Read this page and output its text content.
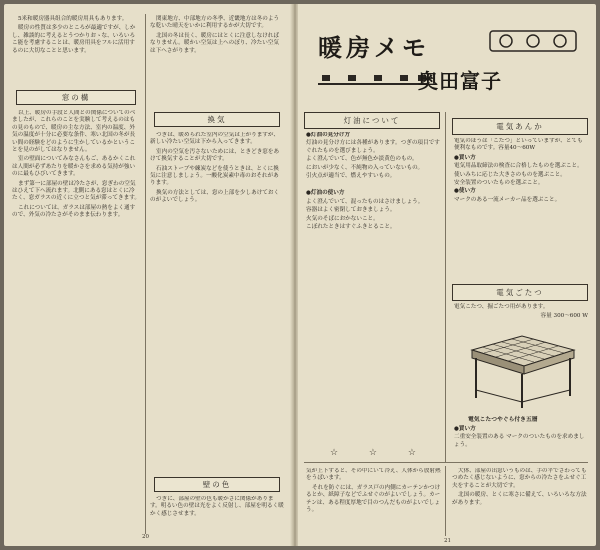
5米和暖房器具组合的暖房用具もあります。

暖房の性質は多少のところが最適ですが、しかし、雑談的に考えるとうつかりおゝな、いろいろこ能を考慮することは、暖房用具をフルに活用するのに大切なことと思います。

窓の構

以上、暖房の手段と人間との関係についてのべましたが、これらのことを実験して考えるのはもの見のもので、暖房の主な方法、室内の温度、外気の温度が十分に必要な条件、寒い北国の冬が長い間の経験をどのように生かしているかということを見のがしてはなりません。

室の壁面についてみなさんもご、あるかくこれは人間が必ずあたりを暖かさを求める気持が強いのに最もひびいてきます。

まず第一に部屋の壁は冷たさが、窓ぎわの空気はひえて下へ流れます。北側にある窓はとくに冷たく、窓ガラスの近くに立つと気が滞ってきます。

これについては、ガラスは部屋の熱をよく通すので、外気の冷たさがそのまま伝わります。

関東地方、中部地方の冬季、近畿地方は冬のような乾いた晴天をいかに利用するかが大切です。

北国の冬は長く、暖房にはとくに注意しなければなりません。暖かい空気は上へのぼり、冷たい空気は下へさがります。

換気

つぎは、暖められた室内の空気は上がりますが、新しい冷たい空気は下から入ってきます。

室内の空気を汚さないためには、ときどき窓をあけて換気することが大切です。

石油ストーブや練炭などを使うときは、とくに換気に注意しましょう。一酸化炭素中毒のおそれがあります。

換気の方法としては、窓の上部を少しあけておくのがよいでしょう。

壁の色

つぎに、部屋の壁の色も暖かさに関係があります。明るい色の壁は光をよく反射し、部屋を明るく暖かく感じさせます。

20
暖房メモ
奥田富子
灯油について
●灯油の見分け方
灯油の見分け方には各種があります。つぎの項目ですぐれたものを選びましょう。
よく澄んでいて、色が無色か淡黄色のもの。
においが少なく、不純物の入っていないもの。
引火点が適当で、燃えやすいもの。
●灯油の使い方
よく澄んでいて、混ったものはさけましょう。
容器はよく密閉しておきましょう。
火気のそばにおかないこと。
こぼれたときはすぐふきとること。
電気あんか

電気のほうは「こたつ」といっていますが、とても便利なものです。容量40〜60W

●買い方
電気用品取締法の検査に合格したものを選ぶこと。
使いみちに応じた大きさのものを選ぶこと。
安全装置のついたものを選ぶこと。
●使い方
マークのある一流メーカー品を選ぶこと。
電気ごたつ

電気こたつ、掘ごたつ用があります。

容量 300〜600 W
電気こたつやぐら付き五層
●買い方
二重安全装置のある マークのついたものを求めましょう。
☆ ☆ ☆

気が上下すると、その中にいて冷え、人体から放射熱をうばいます。

それを防ぐには、ガラス戸の内側にカーテンかつけるとか、紙障子などでふせぐのがよいでしょう。カーテンは、ある程度厚地で目のつんだものがよいでしょう。

大体、部屋の出窓いうものは、手の平でさわってもつめたく感じないように、窓からの冷たさをふせぐ工夫をすることが大切です。

北国の暖房、とくに寒さに備えて、いろいろな方法があります。

21
